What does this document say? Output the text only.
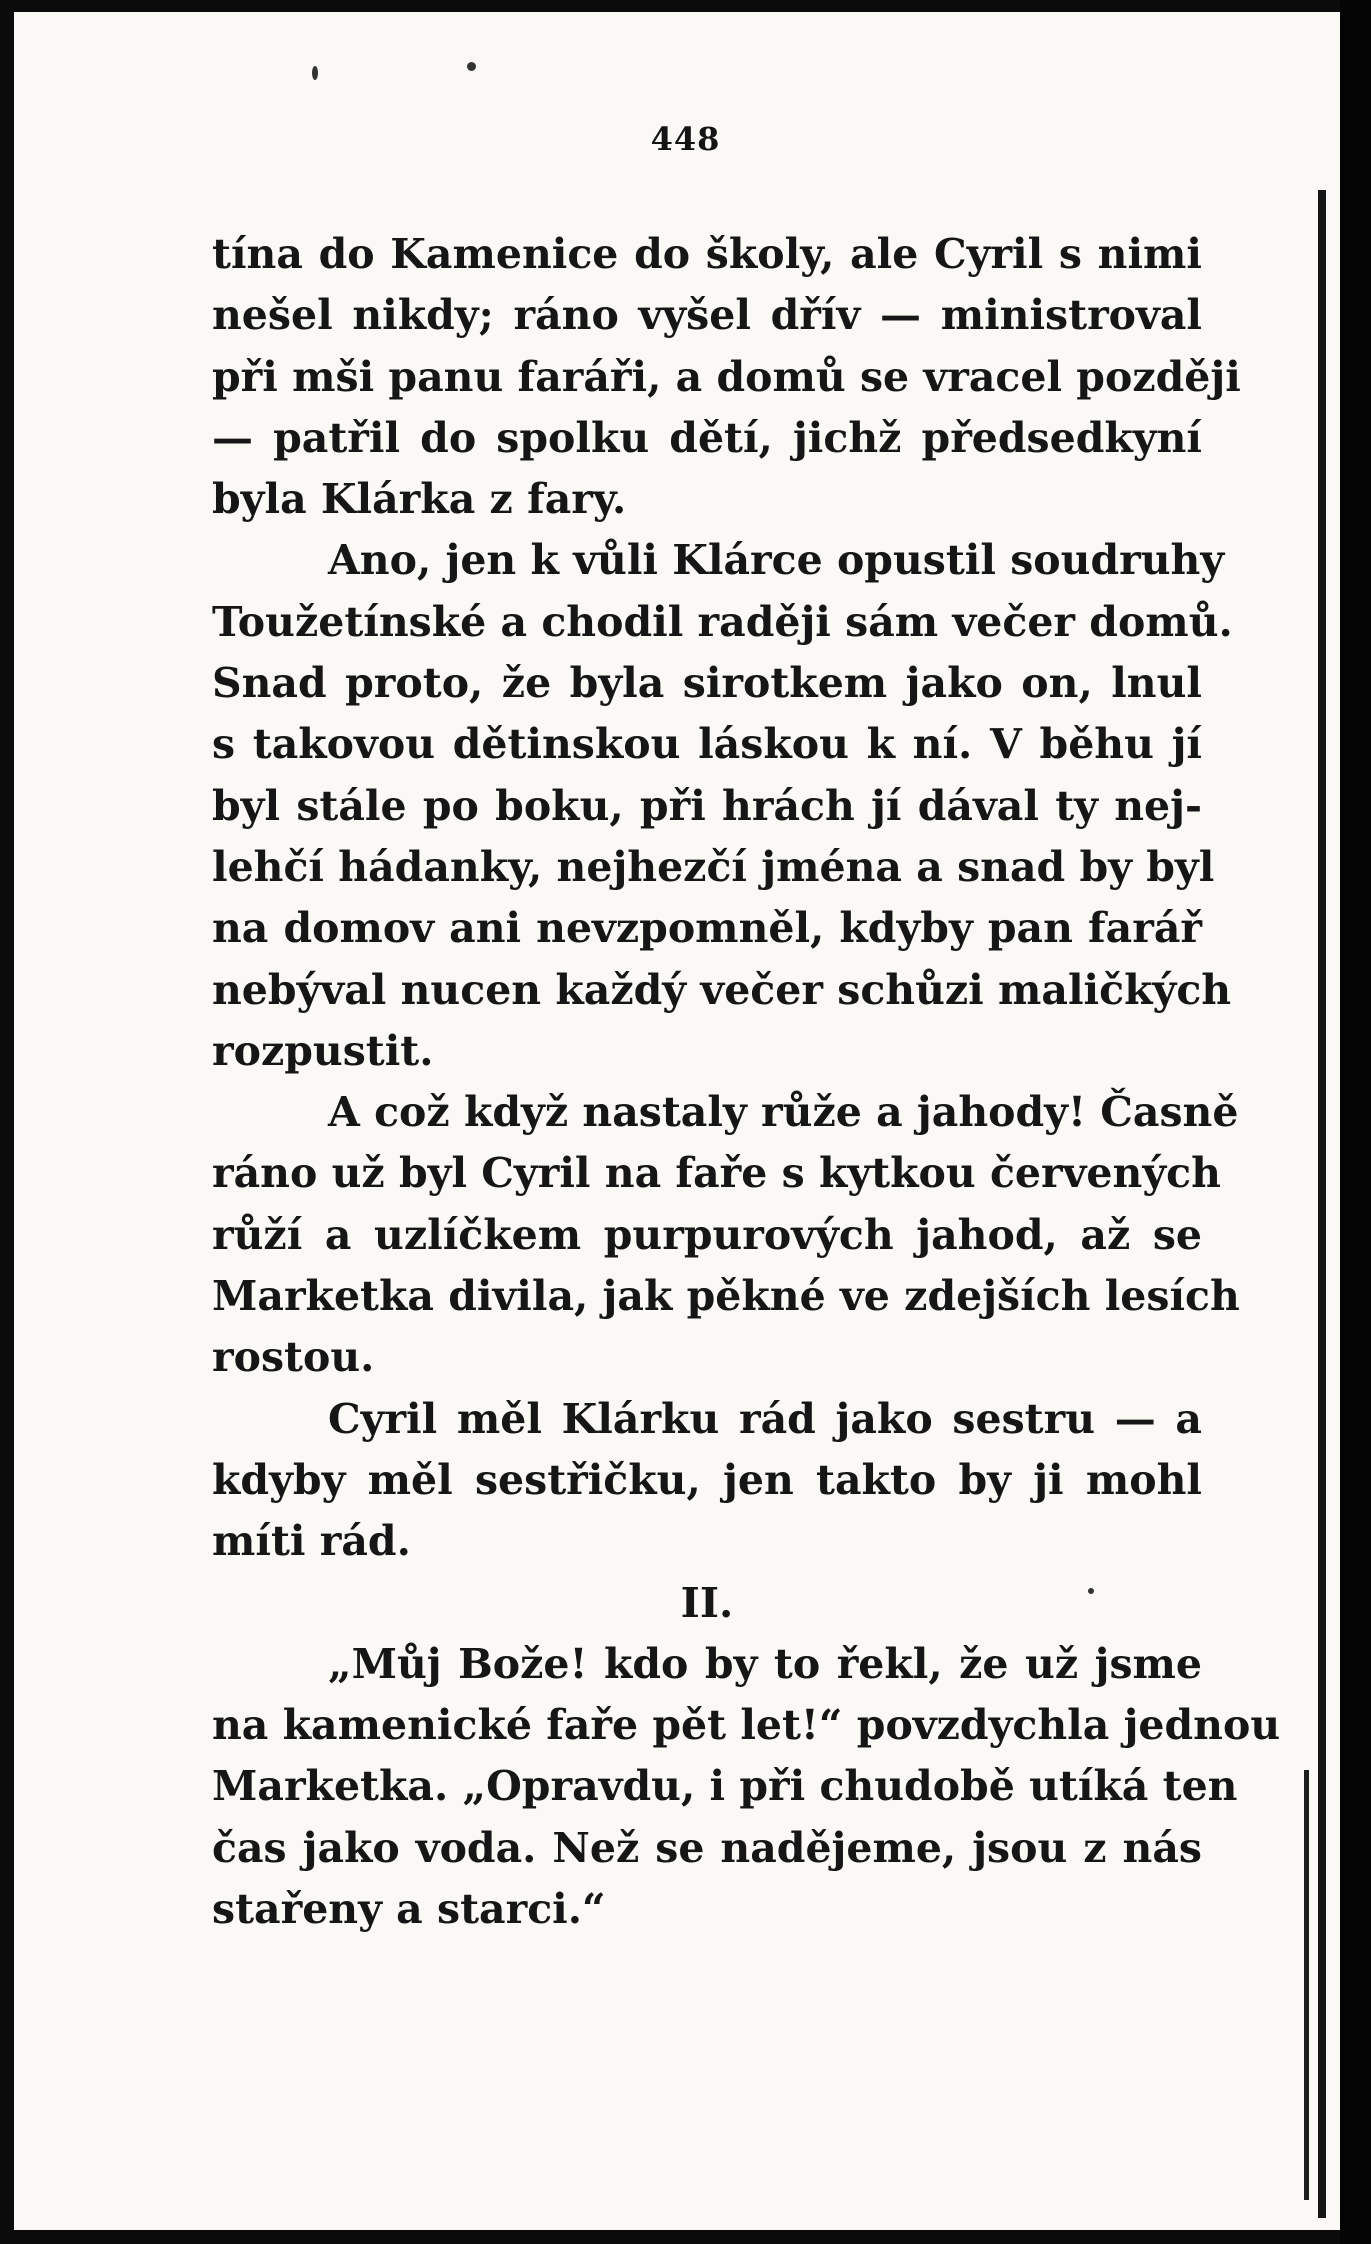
448
tína do Kamenice do školy, ale Cyril s nimi
nešel nikdy; ráno vyšel dřív — ministroval
při mši panu faráři, a domů se vracel později
— patřil do spolku dětí, jichž předsedkyní
byla Klárka z fary.
Ano, jen k vůli Klárce opustil soudruhy
Toužetínské a chodil raději sám večer domů.
Snad proto, že byla sirotkem jako on, lnul
s takovou dětinskou láskou k ní. V běhu jí
byl stále po boku, při hrách jí dával ty nej-
lehčí hádanky, nejhezčí jména a snad by byl
na domov ani nevzpomněl, kdyby pan farář
nebýval nucen každý večer schůzi maličkých
rozpustit.
A což když nastaly růže a jahody! Časně
ráno už byl Cyril na faře s kytkou červených
růží a uzlíčkem purpurových jahod, až se
Marketka divila, jak pěkné ve zdejších lesích
rostou.
Cyril měl Klárku rád jako sestru — a
kdyby měl sestřičku, jen takto by ji mohl
míti rád.
II.
„Můj Bože! kdo by to řekl, že už jsme
na kamenické faře pět let!“ povzdychla jednou
Marketka. „Opravdu, i při chudobě utíká ten
čas jako voda. Než se nadějeme, jsou z nás
stařeny a starci.“
